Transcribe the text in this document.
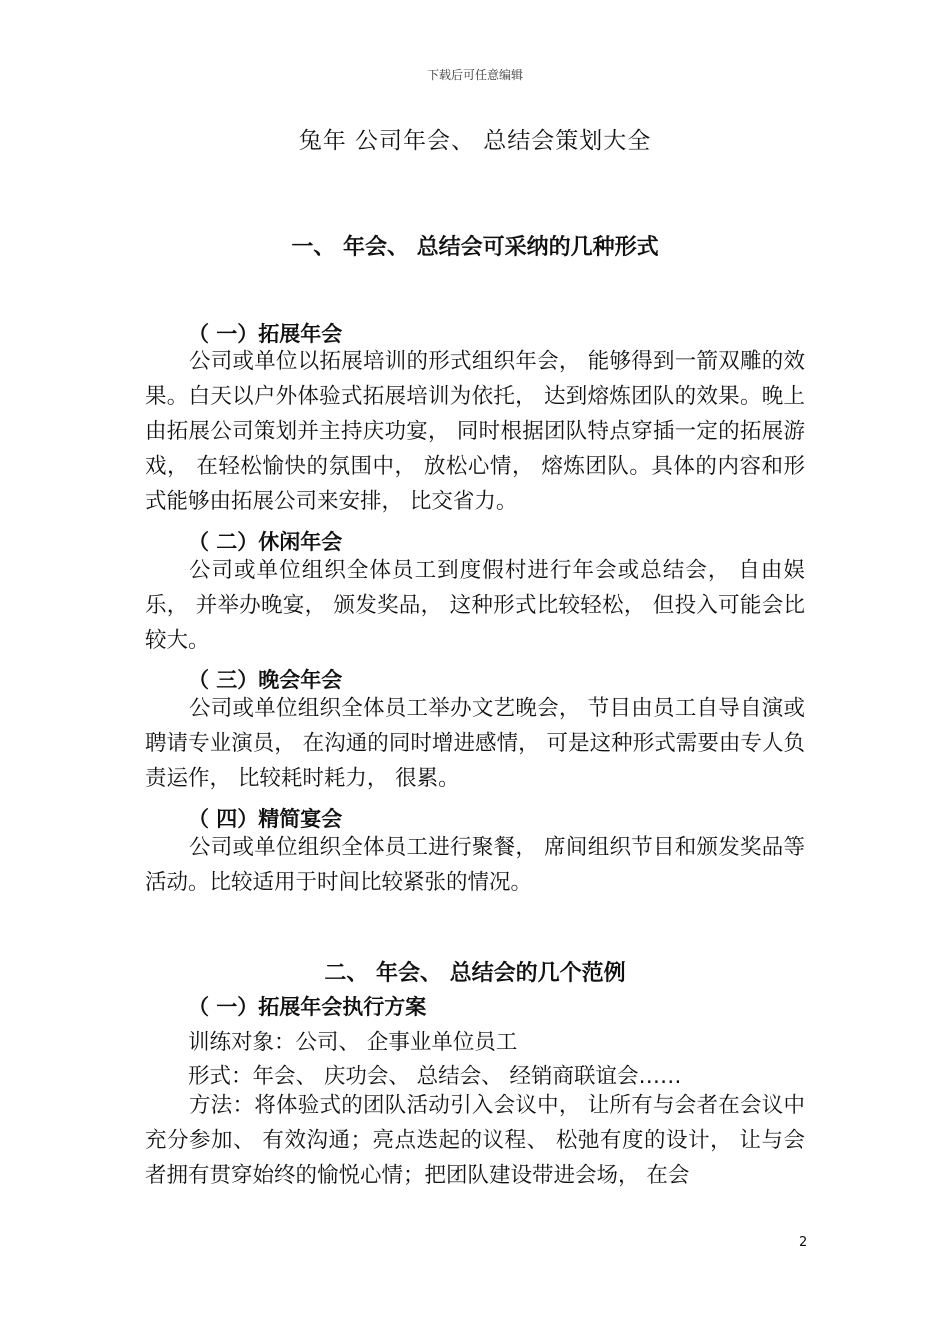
下载后可任意编辑
兔年 公司年会、 总结会策划大全
一、 年会、 总结会可采纳的几种形式
（ 一）拓展年会

公司或单位以拓展培训的形式组织年会， 能够得到一箭双雕的效果。白天以户外体验式拓展培训为依托， 达到熔炼团队的效果。晚上由拓展公司策划并主持庆功宴， 同时根据团队特点穿插一定的拓展游戏， 在轻松愉快的氛围中， 放松心情， 熔炼团队。具体的内容和形式能够由拓展公司来安排， 比交省力。

（ 二）休闲年会

公司或单位组织全体员工到度假村进行年会或总结会， 自由娱乐， 并举办晚宴， 颁发奖品， 这种形式比较轻松， 但投入可能会比较大。

（ 三）晚会年会

公司或单位组织全体员工举办文艺晚会， 节目由员工自导自演或聘请专业演员， 在沟通的同时增进感情， 可是这种形式需要由专人负责运作， 比较耗时耗力， 很累。

（ 四）精简宴会

公司或单位组织全体员工进行聚餐， 席间组织节目和颁发奖品等活动。比较适用于时间比较紧张的情况。

二、 年会、 总结会的几个范例
（ 一）拓展年会执行方案
训练对象：公司、 企事业单位员工
形式：年会、 庆功会、 总结会、 经销商联谊会……

方法：将体验式的团队活动引入会议中， 让所有与会者在会议中充分参加、 有效沟通；亮点迭起的议程、 松弛有度的设计， 让与会者拥有贯穿始终的愉悦心情；把团队建设带进会场， 在会

2
